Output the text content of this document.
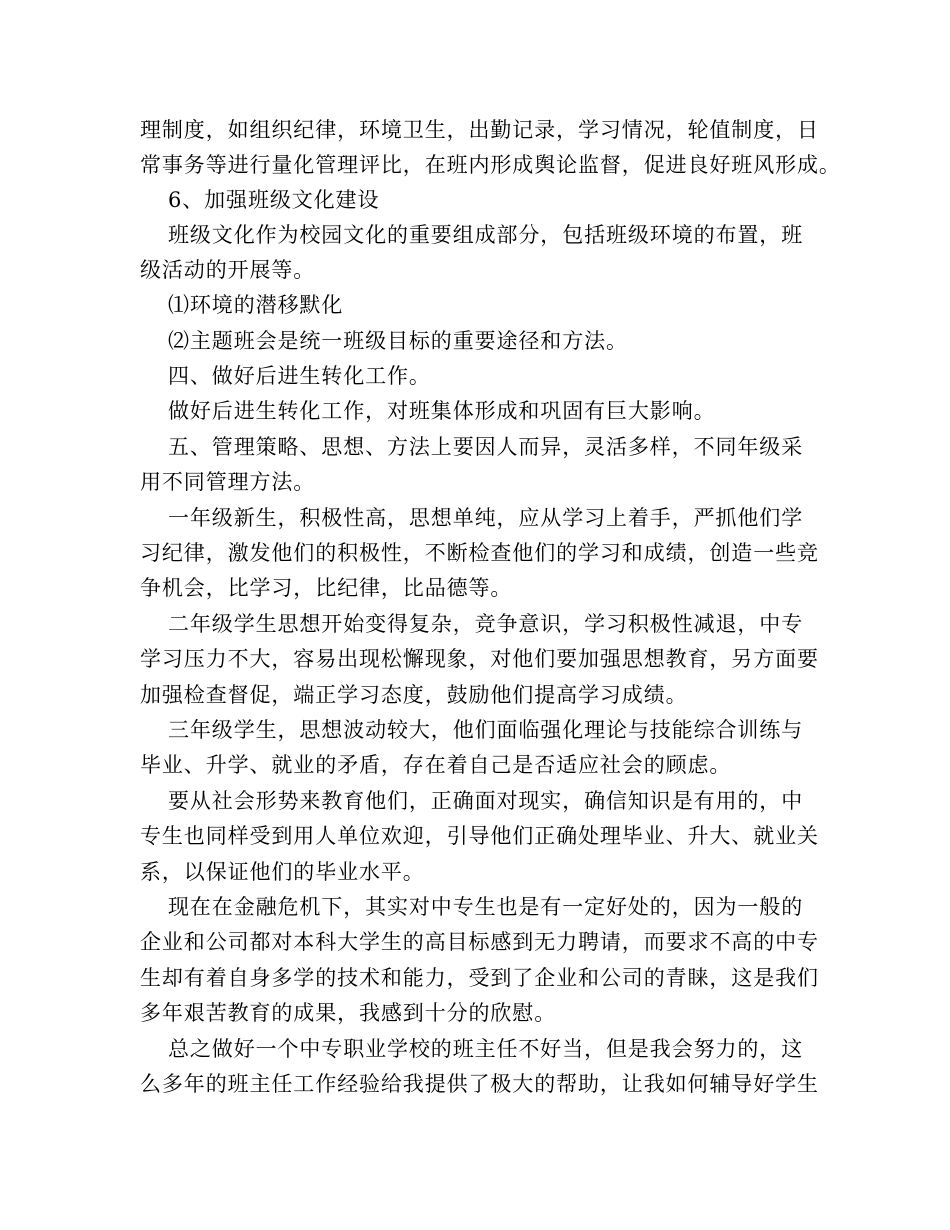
理制度，如组织纪律，环境卫生，出勤记录，学习情况，轮值制度，日
常事务等进行量化管理评比，在班内形成舆论监督，促进良好班风形成。
6、加强班级文化建设
班级文化作为校园文化的重要组成部分，包括班级环境的布置，班
级活动的开展等。
⑴环境的潜移默化
⑵主题班会是统一班级目标的重要途径和方法。
四、做好后进生转化工作。
做好后进生转化工作，对班集体形成和巩固有巨大影响。
五、管理策略、思想、方法上要因人而异，灵活多样，不同年级采
用不同管理方法。
一年级新生，积极性高，思想单纯，应从学习上着手，严抓他们学
习纪律，激发他们的积极性，不断检查他们的学习和成绩，创造一些竞
争机会，比学习，比纪律，比品德等。
二年级学生思想开始变得复杂，竞争意识，学习积极性减退，中专
学习压力不大，容易出现松懈现象，对他们要加强思想教育，另方面要
加强检查督促，端正学习态度，鼓励他们提高学习成绩。
三年级学生，思想波动较大，他们面临强化理论与技能综合训练与
毕业、升学、就业的矛盾，存在着自己是否适应社会的顾虑。
要从社会形势来教育他们，正确面对现实，确信知识是有用的，中
专生也同样受到用人单位欢迎，引导他们正确处理毕业、升大、就业关
系，以保证他们的毕业水平。
现在在金融危机下，其实对中专生也是有一定好处的，因为一般的
企业和公司都对本科大学生的高目标感到无力聘请，而要求不高的中专
生却有着自身多学的技术和能力，受到了企业和公司的青睐，这是我们
多年艰苦教育的成果，我感到十分的欣慰。
总之做好一个中专职业学校的班主任不好当，但是我会努力的，这
么多年的班主任工作经验给我提供了极大的帮助，让我如何辅导好学生
